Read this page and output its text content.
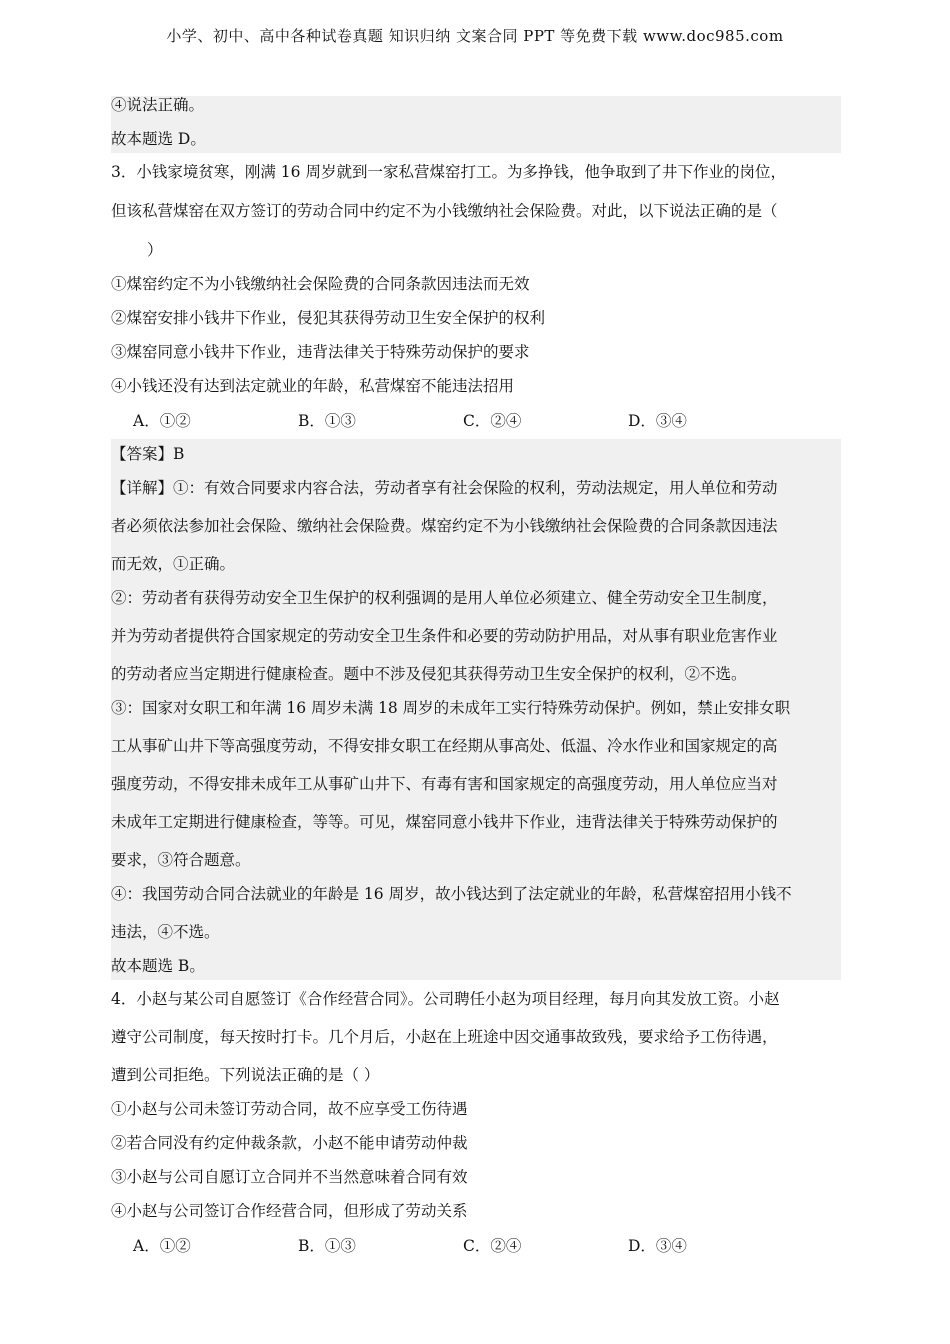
小学、初中、高中各种试卷真题 知识归纳 文案合同 PPT 等免费下载 www.doc985.com
④说法正确。
故本题选 D。
3．小钱家境贫寒，刚满 16 周岁就到一家私营煤窑打工。为多挣钱，他争取到了井下作业的岗位，
但该私营煤窑在双方签订的劳动合同中约定不为小钱缴纳社会保险费。对此，以下说法正确的是（
）
①煤窑约定不为小钱缴纳社会保险费的合同条款因违法而无效
②煤窑安排小钱井下作业，侵犯其获得劳动卫生安全保护的权利
③煤窑同意小钱井下作业，违背法律关于特殊劳动保护的要求
④小钱还没有达到法定就业的年龄，私营煤窑不能违法招用
A．①②	B．①③	C．②④	D．③④
【答案】B
【详解】①：有效合同要求内容合法，劳动者享有社会保险的权利，劳动法规定，用人单位和劳动
者必须依法参加社会保险、缴纳社会保险费。煤窑约定不为小钱缴纳社会保险费的合同条款因违法
而无效，①正确。
②：劳动者有获得劳动安全卫生保护的权利强调的是用人单位必须建立、健全劳动安全卫生制度，
并为劳动者提供符合国家规定的劳动安全卫生条件和必要的劳动防护用品，对从事有职业危害作业
的劳动者应当定期进行健康检查。题中不涉及侵犯其获得劳动卫生安全保护的权利，②不选。
③：国家对女职工和年满 16 周岁未满 18 周岁的未成年工实行特殊劳动保护。例如，禁止安排女职
工从事矿山井下等高强度劳动，不得安排女职工在经期从事高处、低温、冷水作业和国家规定的高
强度劳动，不得安排未成年工从事矿山井下、有毒有害和国家规定的高强度劳动，用人单位应当对
未成年工定期进行健康检查，等等。可见，煤窑同意小钱井下作业，违背法律关于特殊劳动保护的
要求，③符合题意。
④：我国劳动合同合法就业的年龄是 16 周岁，故小钱达到了法定就业的年龄，私营煤窑招用小钱不
违法，④不选。
故本题选 B。
4．小赵与某公司自愿签订《合作经营合同》。公司聘任小赵为项目经理，每月向其发放工资。小赵
遵守公司制度，每天按时打卡。几个月后，小赵在上班途中因交通事故致残，要求给予工伤待遇，
遭到公司拒绝。下列说法正确的是（ ）
①小赵与公司未签订劳动合同，故不应享受工伤待遇
②若合同没有约定仲裁条款，小赵不能申请劳动仲裁
③小赵与公司自愿订立合同并不当然意味着合同有效
④小赵与公司签订合作经营合同，但形成了劳动关系
A．①②	B．①③	C．②④	D．③④
